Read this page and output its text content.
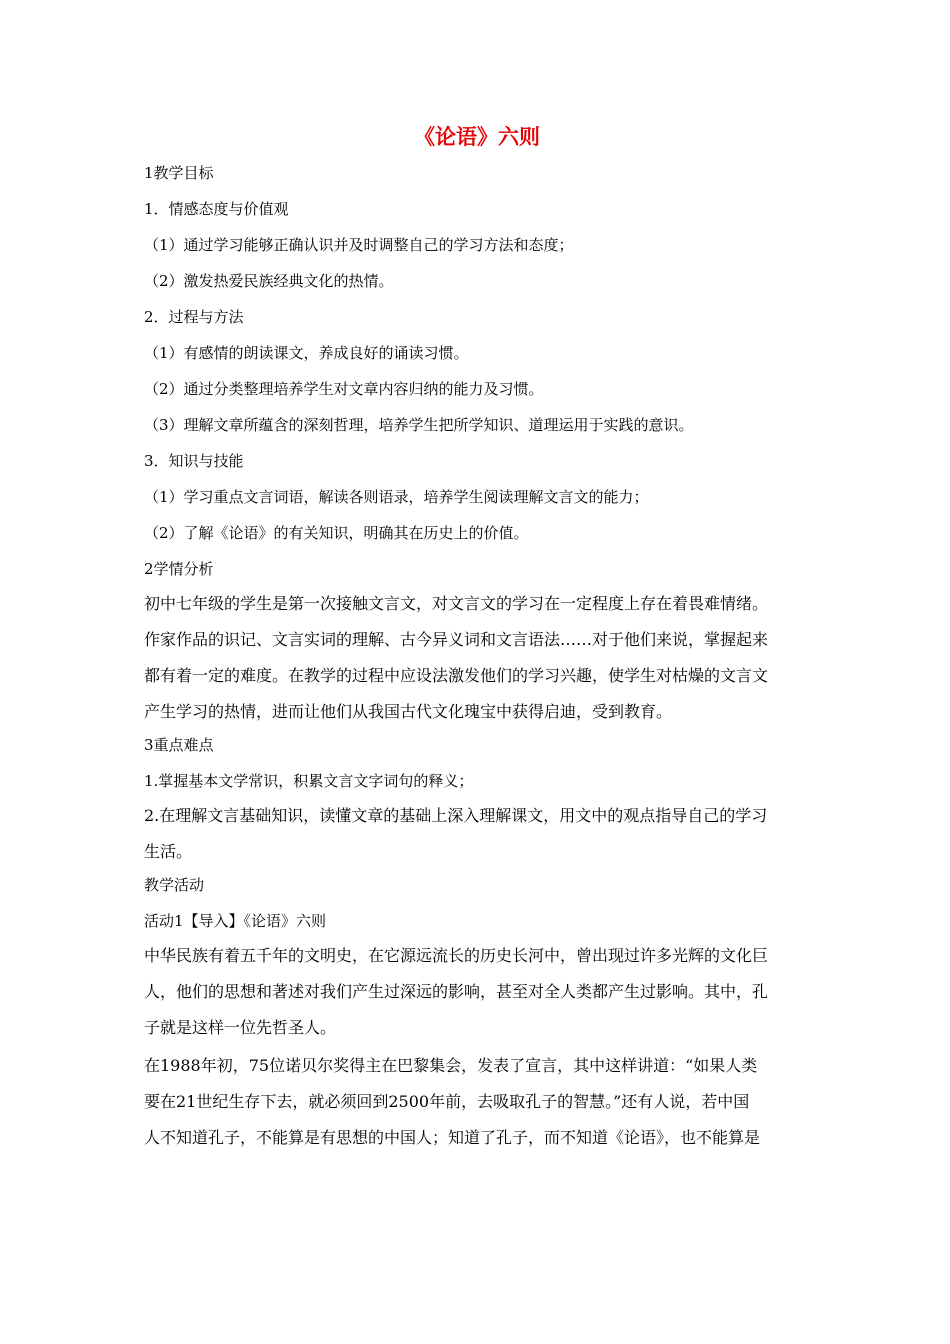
《论语》六则
1教学目标
1．情感态度与价值观
（1）通过学习能够正确认识并及时调整自己的学习方法和态度；
（2）激发热爱民族经典文化的热情。
2．过程与方法
（1）有感情的朗读课文，养成良好的诵读习惯。
（2）通过分类整理培养学生对文章内容归纳的能力及习惯。
（3）理解文章所蕴含的深刻哲理，培养学生把所学知识、道理运用于实践的意识。
3．知识与技能
（1）学习重点文言词语，解读各则语录，培养学生阅读理解文言文的能力；
（2）了解《论语》的有关知识，明确其在历史上的价值。
2学情分析
初中七年级的学生是第一次接触文言文，对文言文的学习在一定程度上存在着畏难情绪。
作家作品的识记、文言实词的理解、古今异义词和文言语法……对于他们来说，掌握起来
都有着一定的难度。在教学的过程中应设法激发他们的学习兴趣，使学生对枯燥的文言文
产生学习的热情，进而让他们从我国古代文化瑰宝中获得启迪，受到教育。
3重点难点
1.掌握基本文学常识，积累文言文字词句的释义；
2.在理解文言基础知识，读懂文章的基础上深入理解课文，用文中的观点指导自己的学习
生活。
教学活动
活动1【导入】《论语》六则
中华民族有着五千年的文明史，在它源远流长的历史长河中，曾出现过许多光辉的文化巨
人，他们的思想和著述对我们产生过深远的影响，甚至对全人类都产生过影响。其中，孔
子就是这样一位先哲圣人。
在1988年初，75位诺贝尔奖得主在巴黎集会，发表了宣言，其中这样讲道：“如果人类
要在21世纪生存下去，就必须回到2500年前，去吸取孔子的智慧。”还有人说，若中国
人不知道孔子，不能算是有思想的中国人；知道了孔子，而不知道《论语》，也不能算是
